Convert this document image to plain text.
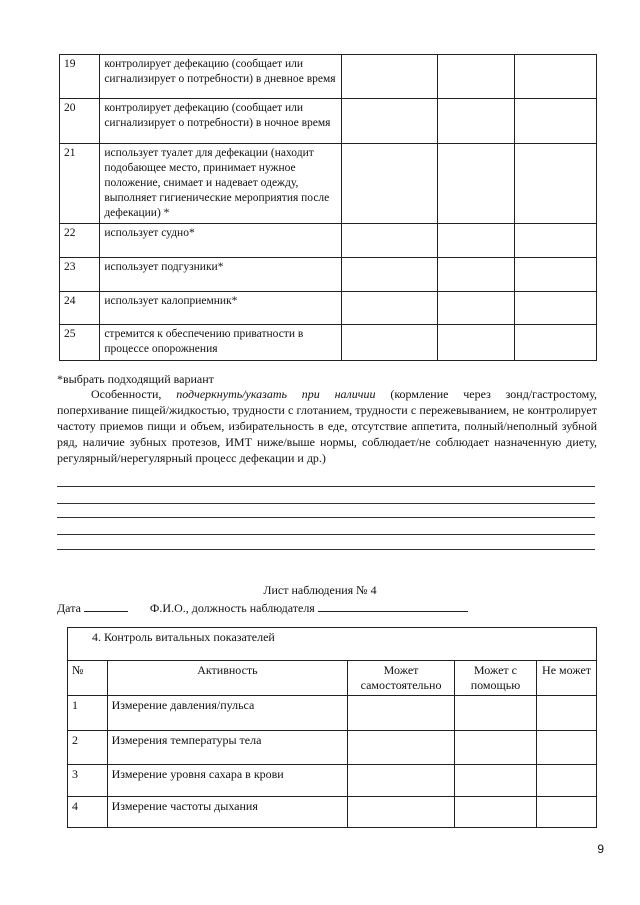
19	контролирует дефекацию (сообщает или сигнализирует о потребности) в дневное время			
20	контролирует дефекацию (сообщает или сигнализирует о потребности) в ночное время			
21	использует туалет для дефекации (находит подобающее место, принимает нужное положение, снимает и надевает одежду, выполняет гигиенические мероприятия после дефекации) *			
22	использует судно*			
23	использует подгузники*			
24	использует калоприемник*			
25	стремится к обеспечению приватности в процессе опорожнения			
*выбрать подходящий вариант
Особенности, подчеркнуть/указать при наличии (кормление через зонд/гастростому, поперхивание пищей/жидкостью, трудности с глотанием, трудности с пережевыванием, не контролирует частоту приемов пищи и объем, избирательность в еде, отсутствие аппетита, полный/неполный зубной ряд, наличие зубных протезов, ИМТ ниже/выше нормы, соблюдает/не соблюдает назначенную диету, регулярный/нерегулярный процесс дефекации и др.)
Лист наблюдения № 4
Дата	Ф.И.О., должность наблюдателя
4. Контроль витальных показателей				
№	Активность	Может самостоятельно	Может с помощью	Не может
1	Измерение давления/пульса			
2	Измерения температуры тела			
3	Измерение уровня сахара в крови			
4	Измерение частоты дыхания			
9
